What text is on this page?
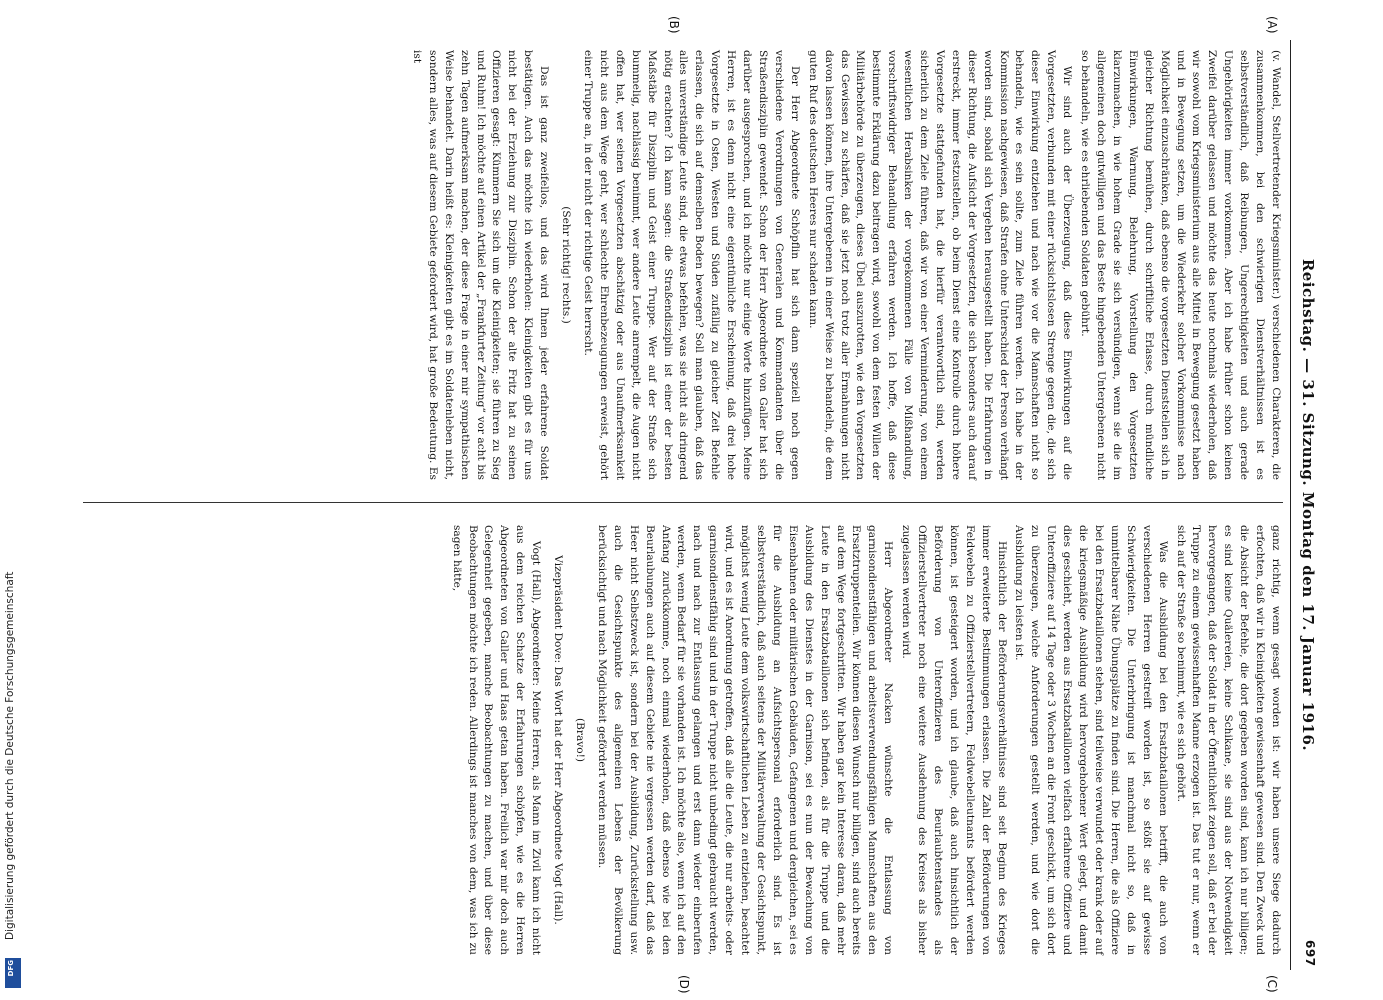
Reichstag. — 31. Sitzung. Montag den 17. Januar 1916.
697
(A)
(B)
(C)
(D)

(v. Wandel, Stellvertretender Kriegsminister.) verschiedenen Charakteren, die zusammenkommen, bei den schwierigen Dienstverhältnissen ist es selbstverständlich, daß Reibungen, Ungerechtigkeiten und auch gerade Ungehörigkeiten immer vorkommen. Aber ich habe früher schon keinen Zweifel darüber gelassen und möchte das heute nochmals wiederholen, daß wir sowohl vom Kriegsministerium aus alle Mittel in Bewegung gesetzt haben und in Bewegung setzen, um die Wiederkehr solcher Vorkommnisse nach Möglichkeit einzuschränken, daß ebenso die vorgesetzten Dienststellen sich in gleicher Richtung bemühen, durch schriftliche Erlasse, durch mündliche Einwirkungen, Warnung, Belehrung, Vorstellung den Vorgesetzten klarzumachen, in wie hohem Grade sie sich versündigen, wenn sie die im allgemeinen doch gutwilligen und das Beste hingebenden Untergebenen nicht so behandeln, wie es ehrliebenden Soldaten gebührt.

Wir sind auch der Überzeugung, daß diese Einwirkungen auf die Vorgesetzten, verbunden mit einer rücksichtslosen Strenge gegen die, die sich dieser Einwirkung entziehen und nach wie vor die Mannschaften nicht so behandeln, wie es sein sollte, zum Ziele führen werden. Ich habe in der Kommission nachgewiesen, daß Strafen ohne Unterschied der Person verhängt worden sind, sobald sich Vergehen herausgestellt haben. Die Erfahrungen in dieser Richtung, die Aufsicht der Vorgesetzten, die sich besonders auch darauf erstreckt, immer festzustellen, ob beim Dienst eine Kontrolle durch höhere Vorgesetzte stattgefunden hat, die hierfür verantwortlich sind, werden sicherlich zu dem Ziele führen, daß wir von einer Verminderung, von einem wesentlichen Herabsinken der vorgekommenen Fälle von Mißhandlung, vorschriftswidriger Behandlung erfahren werden. Ich hoffe, daß diese bestimmte Erklärung dazu beitragen wird, sowohl von dem festen Willen der Militärbehörde zu überzeugen, dieses Übel auszurotten, wie den Vorgesetzten das Gewissen zu schärfen, daß sie jetzt noch trotz aller Ermahnungen nicht davon lassen können, ihre Untergebenen in einer Weise zu behandeln, die dem guten Ruf des deutschen Heeres nur schaden kann.

Der Herr Abgeordnete Schöpflin hat sich dann speziell noch gegen verschiedene Verordnungen von Generalen und Kommandanten über die Straßendisziplin gewendet. Schon der Herr Abgeordnete von Galler hat sich darüber ausgesprochen, und ich möchte nur einige Worte hinzufügen. Meine Herren, ist es denn nicht eine eigentümliche Erscheinung, daß drei hohe Vorgesetzte in Osten, Westen und Süden zufällig zu gleicher Zeit Befehle erlassen, die sich auf demselben Boden bewegen? Soll man glauben, daß das alles unverständige Leute sind, die etwas befehlen, was sie nicht als dringend nötig erachten? Ich kann sagen: die Straßendisziplin ist einer der besten Maßstäbe für Disziplin und Geist einer Truppe. Wer auf der Straße sich bummelig, nachlässig benimmt, wer andere Leute anrempelt, die Augen nicht offen hat, wer seinen Vorgesetzten abschätzig oder aus Unaufmerksamkeit nicht aus dem Wege geht, wer schlechte Ehrenbezeugungen erweist, gehört einer Truppe an, in der nicht der richtige Geist herrscht.

(Sehr richtig! rechts.)

Das ist ganz zweifellos, und das wird Ihnen jeder erfahrene Soldat bestätigen. Auch das möchte ich wiederholen: Kleinigkeiten gibt es für uns nicht bei der Erziehung zur Disziplin. Schon der alte Fritz hat zu seinen Offizieren gesagt: Kümmern Sie sich um die Kleinigkeiten; sie führen zu Sieg und Ruhm! Ich möchte auf einen Artikel der „Frankfurter Zeitung“ vor acht bis zehn Tagen aufmerksam machen, der diese Frage in einer mir sympathischen Weise behandelt. Darin heißt es: Kleinigkeiten gibt es im Soldatenleben nicht, sondern alles, was auf diesem Gebiete gefordert wird, hat große Bedeutung. Es ist

ganz richtig, wenn gesagt worden ist: wir haben unsere Siege dadurch erfochten, daß wir in Kleinigkeiten gewissenhaft gewesen sind. Den Zweck und die Absicht der Befehle, die dort gegeben worden sind, kann ich nur billigen; es sind keine Quälereien, keine Schikane, sie sind aus der Notwendigkeit hervorgegangen, daß der Soldat in der Öffentlichkeit zeigen soll, daß er bei der Truppe zu einem gewissenhaften Manne erzogen ist. Das tut er nur, wenn er sich auf der Straße so benimmt, wie es sich gehört.

Was die Ausbildung bei den Ersatzbataillonen betrifft, die auch von verschiedenen Herren gestreift worden ist, so stößt sie auf gewisse Schwierigkeiten. Die Unterbringung ist manchmal nicht so, daß in unmittelbarer Nähe Übungsplätze zu finden sind. Die Herren, die als Offiziere bei den Ersatzbataillonen stehen, sind teilweise verwundet oder krank oder auf die kriegsmäßige Ausbildung wird hervorgehobener Wert gelegt, und damit dies geschieht, werden aus Ersatzbataillonen vielfach erfahrene Offiziere und Unteroffiziere auf 14 Tage oder 3 Wochen an die Front geschickt, um sich dort zu überzeugen, welche Anforderungen gestellt werden, und wie dort die Ausbildung zu leisten ist.

Hinsichtlich der Beförderungsverhältnisse sind seit Beginn des Krieges immer erweiterte Bestimmungen erlassen. Die Zahl der Beförderungen von Feldwebeln zu Offizierstellvertretern, Feldwebelleutnants befördert werden können, ist gesteigert worden, und ich glaube, daß auch hinsichtlich der Beförderung von Unteroffizieren des Beurlaubtenstandes als Offizierstellvertreter noch eine weitere Ausdehnung des Kreises als bisher zugelassen werden wird.

Herr Abgeordneter Nacken wünschte die Entlassung von garnisondienstfähigen und arbeitsverwendungsfähigen Mannschaften aus den Ersatztruppenteilen. Wir können diesen Wunsch nur billigen, sind auch bereits auf dem Wege fortgeschritten. Wir haben gar kein Interesse daran, daß mehr Leute in den Ersatzbataillonen sich befinden, als für die Truppe und die Ausbildung des Dienstes in der Garnison, sei es nun der Bewachung von Eisenbahnen oder militärischen Gebäuden, Gefangenen und dergleichen, sei es für die Ausbildung an Aufsichtspersonal erforderlich sind. Es ist selbstverständlich, daß auch seitens der Militärverwaltung der Gesichtspunkt, möglichst wenig Leute dem volkswirtschaftlichen Leben zu entziehen, beachtet wird, und es ist Anordnung getroffen, daß alle die Leute, die nur arbeits- oder garnisondienstfähig sind und in der Truppe nicht unbedingt gebraucht werden, nach und nach zur Entlassung gelangen und erst dann wieder einberufen werden, wenn Bedarf für sie vorhanden ist. Ich möchte also, wenn ich auf den Anfang zurückkomme, noch einmal wiederholen, daß ebenso wie bei den Beurlaubungen auch auf diesem Gebiete nie vergessen werden darf, daß das Heer nicht Selbstzweck ist, sondern bei der Ausbildung, Zurückstellung usw. auch die Gesichtspunkte des allgemeinen Lebens der Bevölkerung berücksichtigt und nach Möglichkeit gefördert werden müssen.

(Bravo!)

Vizepräsident Dove: Das Wort hat der Herr Abgeordnete Vogt (Hall).

Vogt (Hall), Abgeordneter: Meine Herren, als Mann im Zivil kann ich nicht aus dem reichen Schatze der Erfahrungen schöpfen, wie es die Herren Abgeordneten von Galler und Haas getan haben. Freilich war mir doch auch Gelegenheit gegeben, manche Beobachtungen zu machen, und über diese Beobachtungen möchte ich reden. Allerdings ist manches von dem, was ich zu sagen hätte,

Digitalisierung gefördert durch die Deutsche Forschungsgemeinschaft
DFG
